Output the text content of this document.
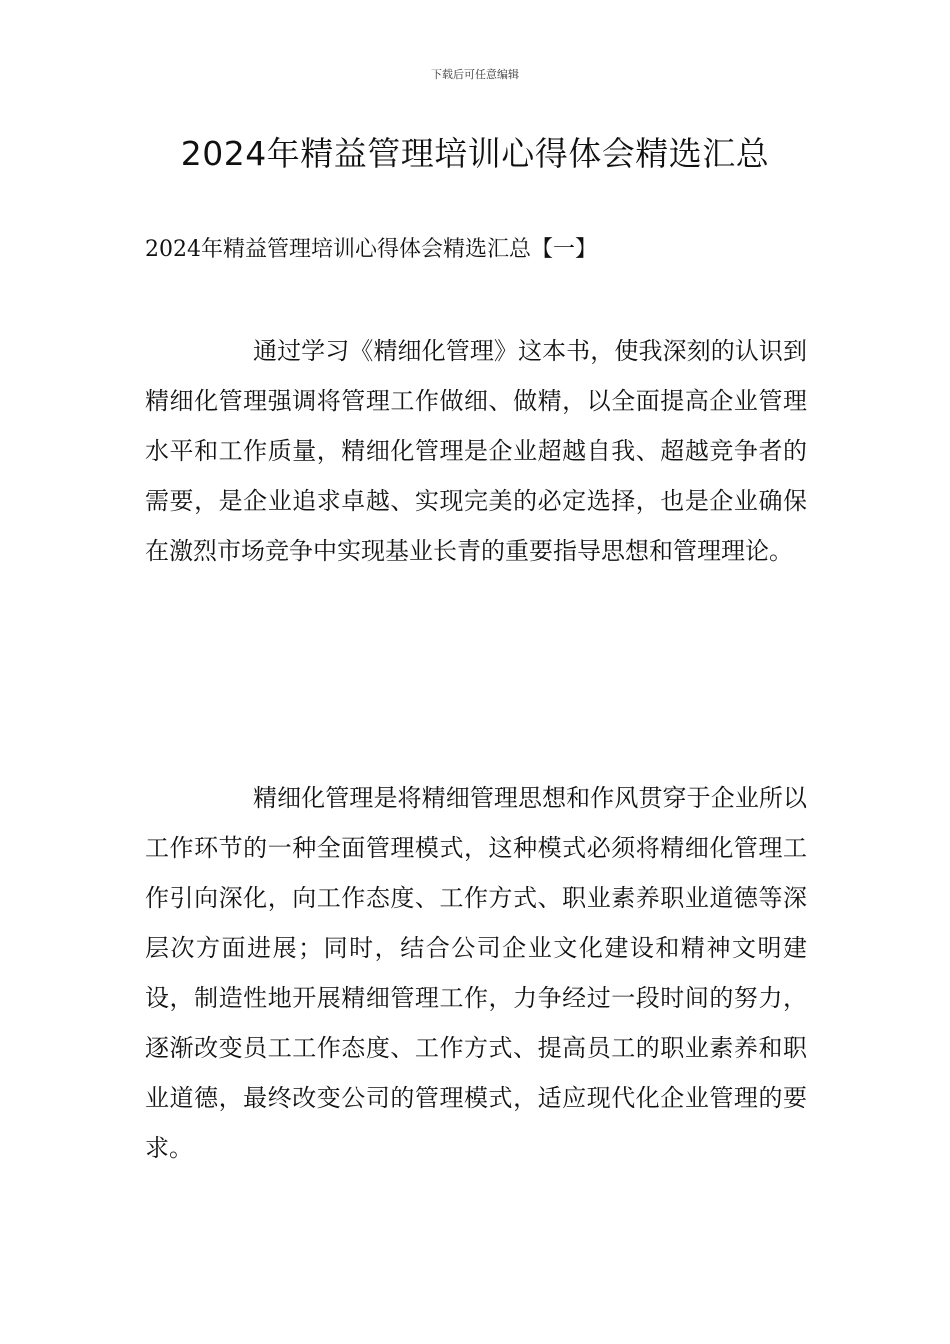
下载后可任意编辑
2024年精益管理培训心得体会精选汇总
2024年精益管理培训心得体会精选汇总【一】

通过学习《精细化管理》这本书，使我深刻的认识到精细化管理强调将管理工作做细、做精，以全面提高企业管理水平和工作质量，精细化管理是企业超越自我、超越竞争者的需要，是企业追求卓越、实现完美的必定选择，也是企业确保在激烈市场竞争中实现基业长青的重要指导思想和管理理论。

精细化管理是将精细管理思想和作风贯穿于企业所以工作环节的一种全面管理模式，这种模式必须将精细化管理工作引向深化，向工作态度、工作方式、职业素养职业道德等深层次方面进展；同时，结合公司企业文化建设和精神文明建设，制造性地开展精细管理工作，力争经过一段时间的努力，逐渐改变员工工作态度、工作方式、提高员工的职业素养和职业道德，最终改变公司的管理模式，适应现代化企业管理的要求。
